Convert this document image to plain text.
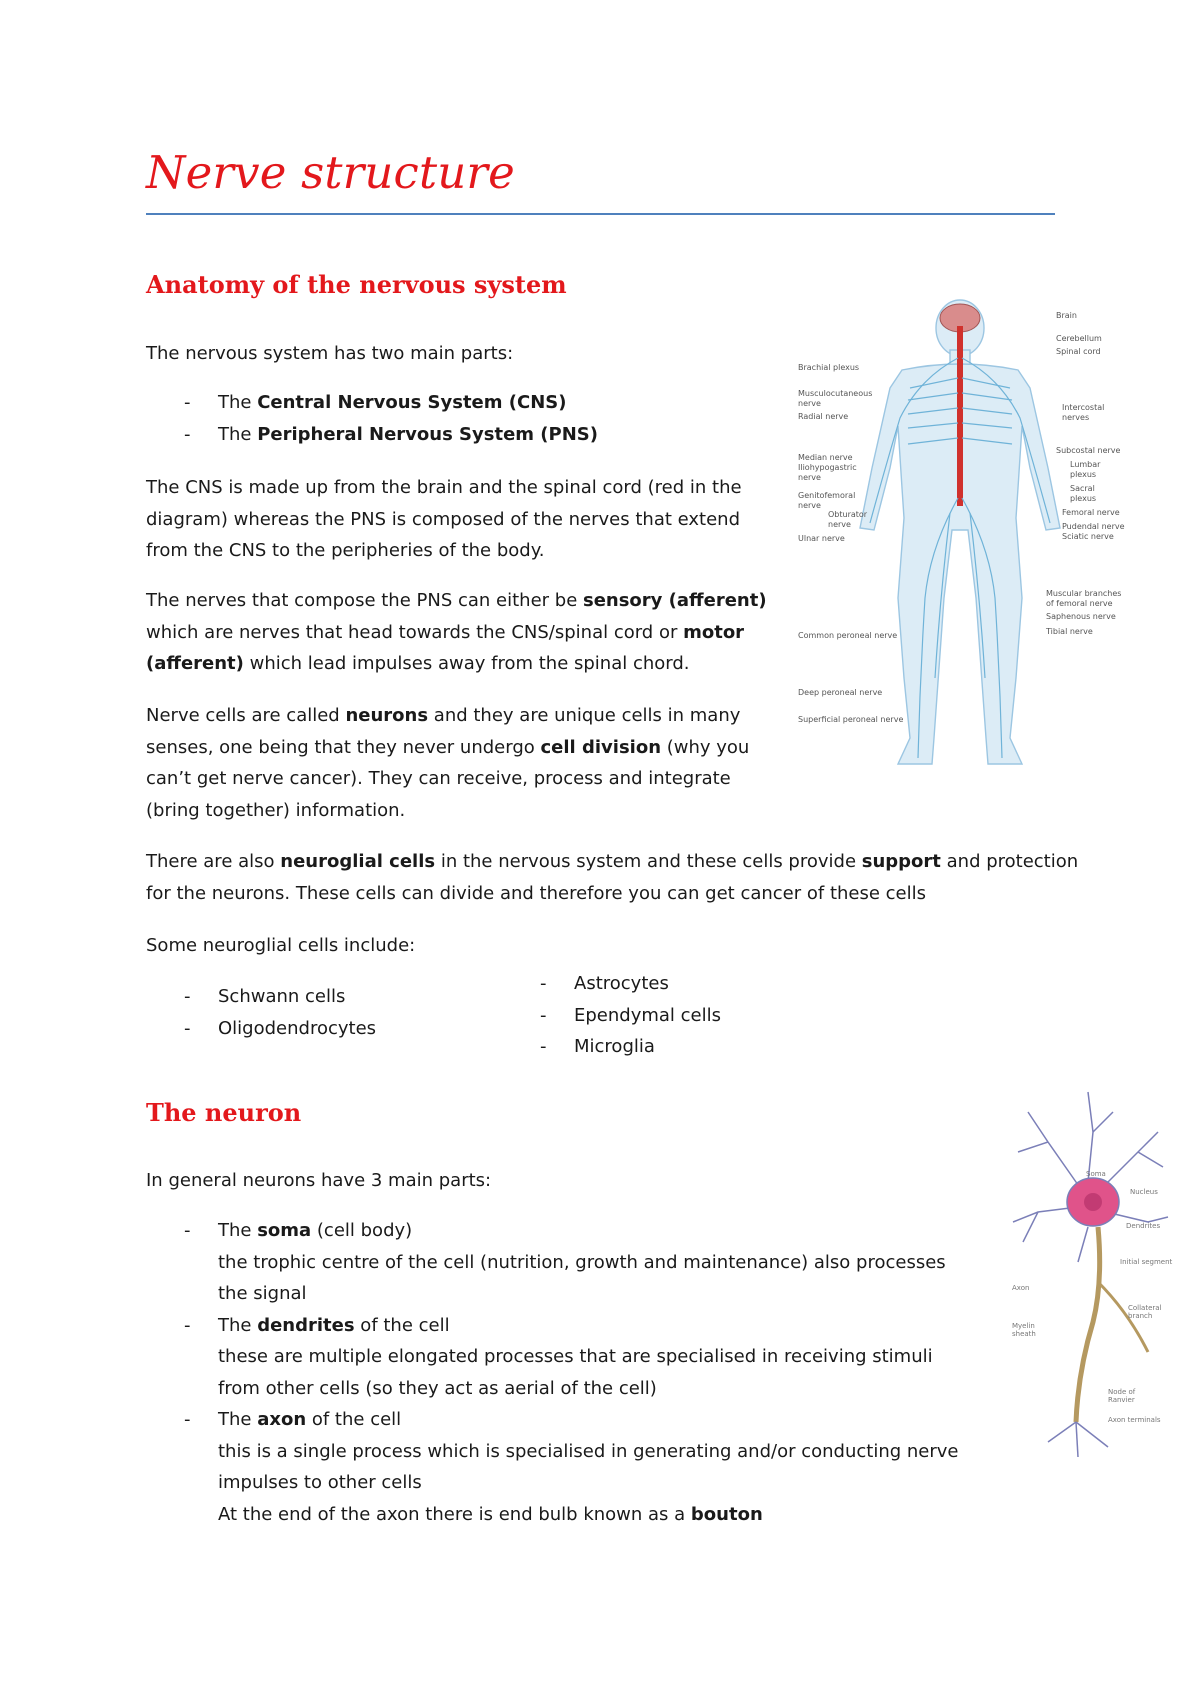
Nerve structure
Anatomy of the nervous system
The nervous system has two main parts:
- The Central Nervous System (CNS)
- The Peripheral Nervous System (PNS)
The CNS is made up from the brain and the spinal cord (red in the
diagram) whereas the PNS is composed of the nerves that extend
from the CNS to the peripheries of the body.
The nerves that compose the PNS can either be sensory (afferent)
which are nerves that head towards the CNS/spinal cord or motor
(afferent) which lead impulses away from the spinal chord.
Nerve cells are called neurons and they are unique cells in many
senses, one being that they never undergo cell division (why you
can’t get nerve cancer). They can receive, process and integrate
(bring together) information.
There are also neuroglial cells in the nervous system and these cells provide support and protection
for the neurons. These cells can divide and therefore you can get cancer of these cells
Some neuroglial cells include:
- Schwann cells
- Oligodendrocytes
- Astrocytes
- Ependymal cells
- Microglia
The neuron
In general neurons have 3 main parts:
- The soma (cell body)
the trophic centre of the cell (nutrition, growth and maintenance) also processes
the signal
- The dendrites of the cell
these are multiple elongated processes that are specialised in receiving stimuli
from other cells (so they act as aerial of the cell)
- The axon of the cell
this is a single process which is specialised in generating and/or conducting nerve
impulses to other cells
At the end of the axon there is end bulb known as a bouton
Brain
Cerebellum
Spinal cord
Intercostal
nerves
Subcostal nerve
Lumbar
plexus
Sacral
plexus
Femoral nerve
Pudendal nerve
Sciatic nerve
Muscular branches
of femoral nerve
Saphenous nerve
Tibial nerve
Brachial plexus
Musculocutaneous
nerve
Radial nerve
Median nerve
Iliohypogastric
nerve
Genitofemoral
nerve
Obturator
nerve
Ulnar nerve
Common peroneal nerve
Deep peroneal nerve
Superficial peroneal nerve
Soma
Nucleus
Dendrites
Initial segment
Axon
Collateral
branch
Myelin
sheath
Node of
Ranvier
Axon terminals
